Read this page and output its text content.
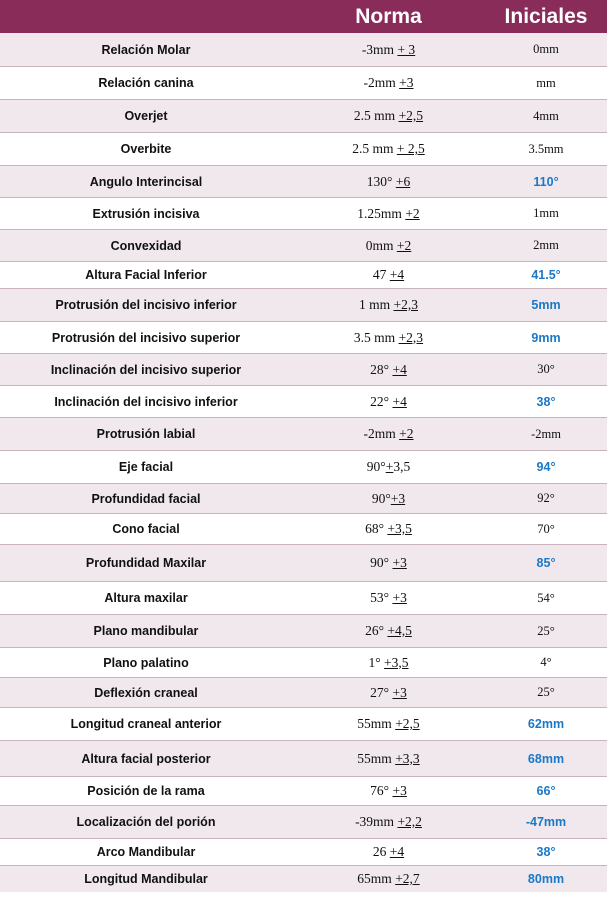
Norma	Iniciales
Relación Molar	-3mm + 3	0mm
Relación canina	-2mm +3	mm
Overjet	2.5 mm +2,5	4mm
Overbite	2.5 mm + 2,5	3.5mm
Angulo Interincisal	130° +6	110°
Extrusión incisiva	1.25mm +2	1mm
Convexidad	0mm +2	2mm
Altura Facial Inferior	47 +4	41.5°
Protrusión del incisivo inferior	1 mm +2,3	5mm
Protrusión del incisivo superior	3.5 mm +2,3	9mm
Inclinación del incisivo superior	28° +4	30°
Inclinación del incisivo inferior	22° +4	38°
Protrusión labial	-2mm +2	-2mm
Eje facial	90°+3,5	94°
Profundidad facial	90°+3	92°
Cono facial	68° +3,5	70°
Profundidad Maxilar	90° +3	85°
Altura maxilar	53° +3	54°
Plano mandibular	26° +4,5	25°
Plano palatino	1° +3,5	4°
Deflexión craneal	27° +3	25°
Longitud craneal anterior	55mm +2,5	62mm
Altura facial posterior	55mm +3,3	68mm
Posición de la rama	76° +3	66°
Localización del porión	-39mm +2,2	-47mm
Arco Mandibular	26 +4	38°
Longitud Mandibular	65mm +2,7	80mm
